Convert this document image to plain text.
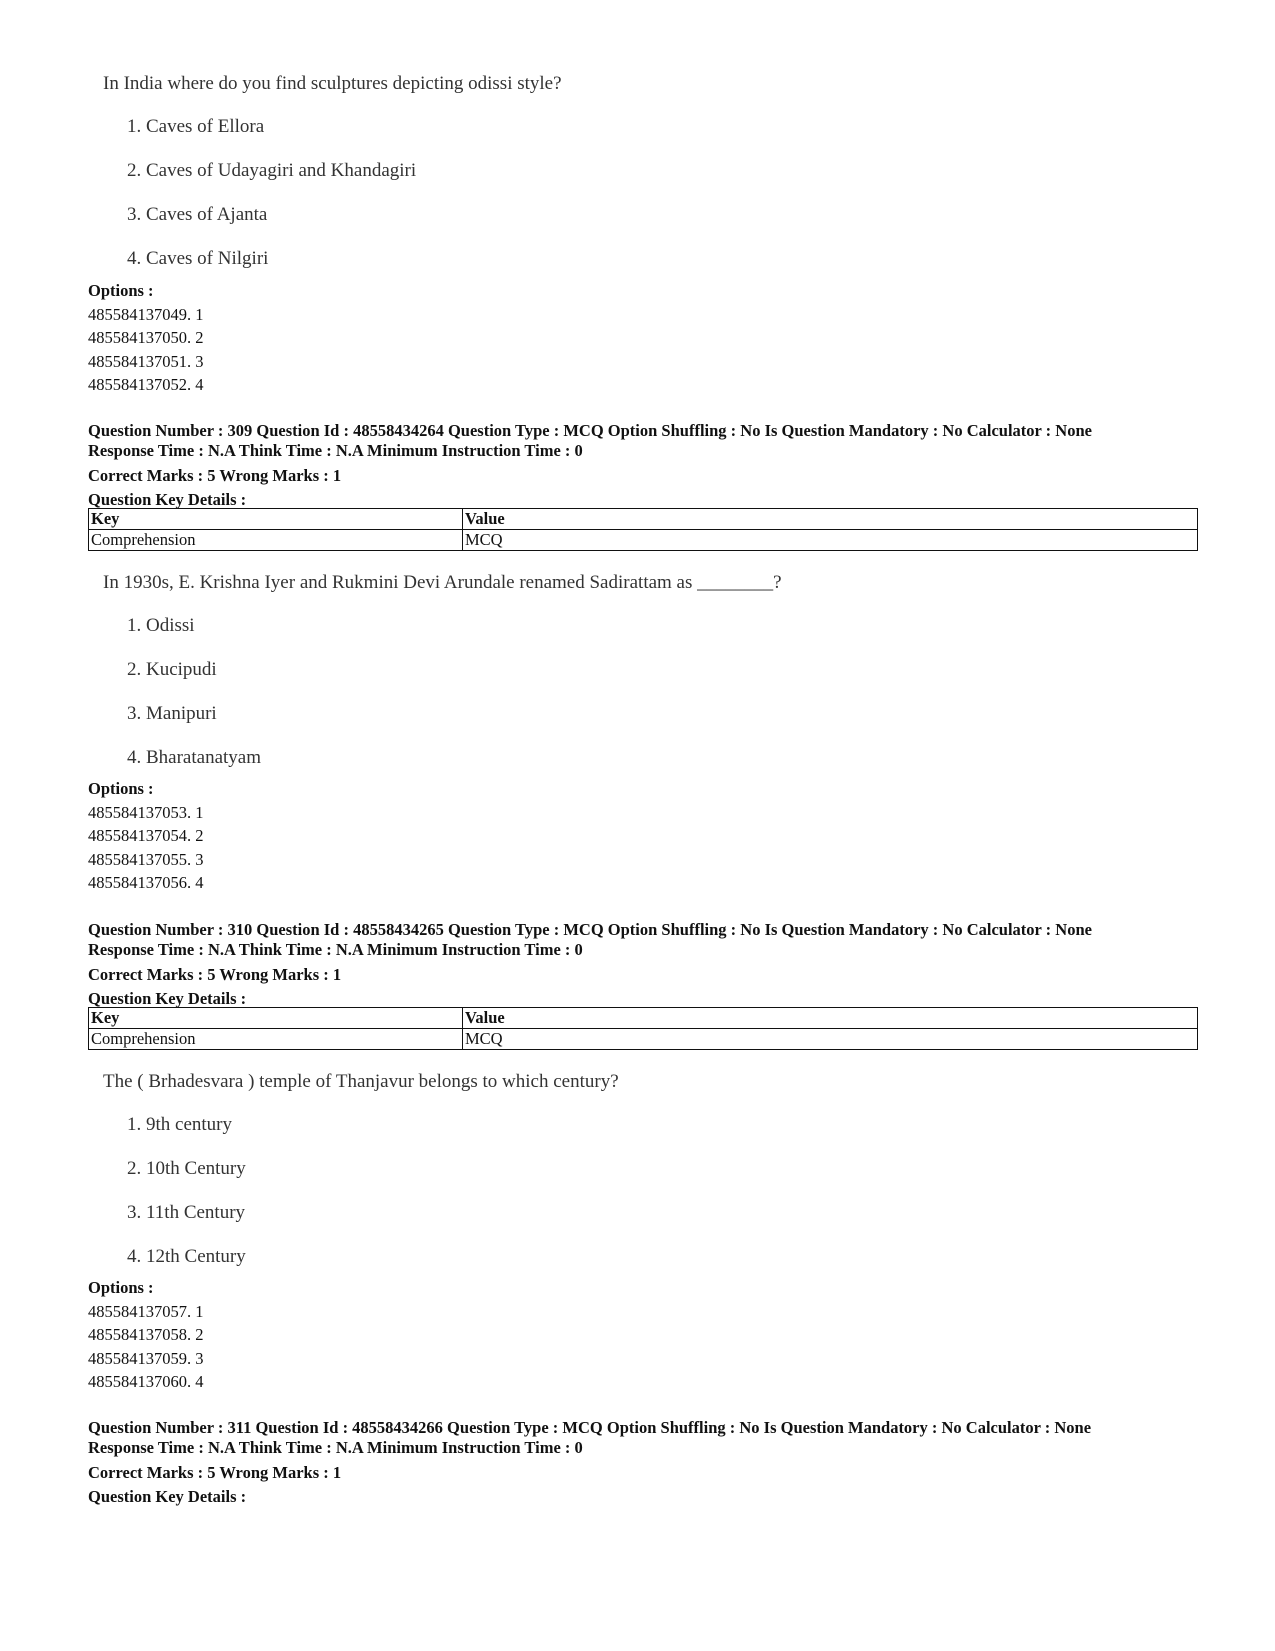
In India where do you find sculptures depicting odissi style?

1. Caves of Ellora
2. Caves of Udayagiri and Khandagiri
3. Caves of Ajanta
4. Caves of Nilgiri
Options :
485584137049. 1
485584137050. 2
485584137051. 3
485584137052. 4
Question Number : 309 Question Id : 48558434264 Question Type : MCQ Option Shuffling : No Is Question Mandatory : No Calculator : None
Response Time : N.A Think Time : N.A Minimum Instruction Time : 0
Correct Marks : 5 Wrong Marks : 1
Question Key Details :
Key	Value
Comprehension	MCQ

In 1930s, E. Krishna Iyer and Rukmini Devi Arundale renamed Sadirattam as ________?

1. Odissi
2. Kucipudi
3. Manipuri
4. Bharatanatyam
Options :
485584137053. 1
485584137054. 2
485584137055. 3
485584137056. 4
Question Number : 310 Question Id : 48558434265 Question Type : MCQ Option Shuffling : No Is Question Mandatory : No Calculator : None
Response Time : N.A Think Time : N.A Minimum Instruction Time : 0
Correct Marks : 5 Wrong Marks : 1
Question Key Details :
Key	Value
Comprehension	MCQ

The ( Brhadesvara ) temple of Thanjavur belongs to which century?

1. 9th century
2. 10th Century
3. 11th Century
4. 12th Century
Options :
485584137057. 1
485584137058. 2
485584137059. 3
485584137060. 4
Question Number : 311 Question Id : 48558434266 Question Type : MCQ Option Shuffling : No Is Question Mandatory : No Calculator : None
Response Time : N.A Think Time : N.A Minimum Instruction Time : 0
Correct Marks : 5 Wrong Marks : 1
Question Key Details :
